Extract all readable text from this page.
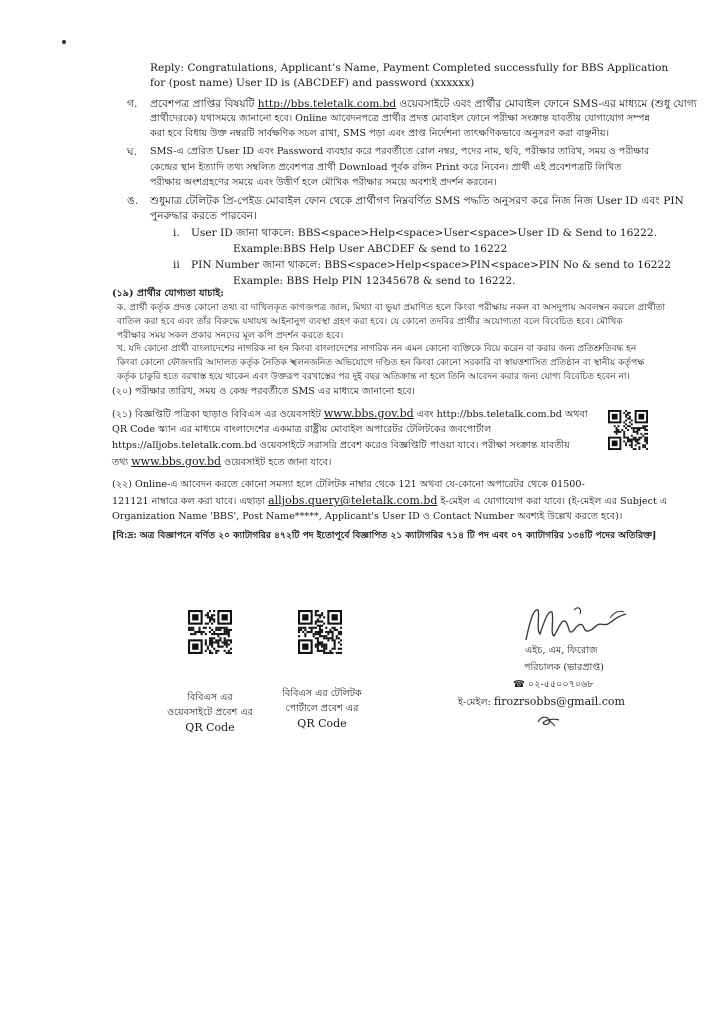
Reply: Congratulations, Applicant’s Name, Payment Completed successfully for BBS Application
for (post name) User ID is (ABCDEF) and password (xxxxxx)
গ. প্রবেশপত্র প্রাপ্তির বিষয়টি http://bbs.teletalk.com.bd ওয়েবসাইটে এবং প্রার্থীর মোবাইল ফোনে SMS-এর মাধ্যমে (শুধু যোগ্য
প্রার্থীদেরকে) যথাসময়ে জানানো হবে। Online আবেদনপত্রে প্রার্থীর প্রদত্ত মোবাইল ফোনে পরীক্ষা সংক্রান্ত যাবতীয় যোগাযোগ সম্পন্ন
করা হবে বিধায় উক্ত নম্বরটি সার্বক্ষণিক সচল রাখা, SMS পড়া এবং প্রাপ্ত নির্দেশনা তাৎক্ষণিকভাবে অনুসরণ করা বাঞ্ছনীয়।
ঘ. SMS-এ প্রেরিত User ID এবং Password ব্যবহার করে পরবর্তীতে রোল নম্বর, পদের নাম, ছবি, পরীক্ষার তারিখ, সময় ও পরীক্ষার
কেন্দ্রের স্থান ইত্যাদি তথ্য সম্বলিত প্রবেশপত্র প্রার্থী Download পূর্বক রঙ্গিন Print করে নিবেন। প্রার্থী এই প্রবেশপত্রটি লিখিত
পরীক্ষায় অংশগ্রহণের সময়ে এবং উত্তীর্ণ হলে মৌখিক পরীক্ষার সময়ে অবশ্যই প্রদর্শন করবেন।
ঙ. শুধুমাত্র টেলিটক প্রি-পেইড মোবাইল ফোন থেকে প্রার্থীগণ নিম্নবর্ণিত SMS পদ্ধতি অনুসরণ করে নিজ নিজ User ID এবং PIN
পুনরুদ্ধার করতে পারবেন।
i. User ID জানা থাকলে: BBS<space>Help<space>User<space>User ID & Send to 16222.
Example:BBS Help User ABCDEF & send to 16222
ii PIN Number জানা থাকলে: BBS<space>Help<space>PIN<space>PIN No & send to 16222
Example: BBS Help PIN 12345678 & send to 16222.
(১৯) প্রার্থীর যোগ্যতা যাচাই:
ক. প্রার্থী কর্তৃক প্রদত্ত কোনো তথ্য বা দাখিলকৃত কাগজপত্র জাল, মিথ্যা বা ভুয়া প্রমাণিত হলে কিংবা পরীক্ষায় নকল বা অসদুপায় অবলম্বন করলে প্রার্থীতা
বাতিল করা হবে এবং তাঁর বিরুদ্ধে যথাযথ আইনানুগ ব্যবস্থা গ্রহণ করা হবে। যে কোনো তদবির প্রার্থীর অযোগ্যতা বলে বিবেচিত হবে। মৌখিক
পরীক্ষার সময় সকল প্রকার সনদের মূল কপি প্রদর্শন করতে হবে।
খ. যদি কোনো প্রার্থী বাংলাদেশের নাগরিক না হন কিংবা বাংলাদেশের নাগরিক নন এমন কোনো ব্যক্তিকে বিয়ে করেন বা করার জন্য প্রতিশ্রুতিবদ্ধ হন
কিংবা কোনো ফৌজদারি আদালত কর্তৃক নৈতিক স্খলনজনিত অভিযোগে দণ্ডিত হন কিংবা কোনো সরকারি বা স্বায়ত্তশাসিত প্রতিষ্ঠান বা স্থানীয় কর্তৃপক্ষ
কর্তৃক চাকুরি হতে বরখাস্ত হয়ে থাকেন এবং উক্তরূপ বরখাস্তের পর দুই বছর অতিক্রান্ত না হলে তিনি আবেদন করার জন্য যোগ্য বিবেচিত হবেন না।
(২০) পরীক্ষার তারিখ, সময় ও কেন্দ্র পরবর্তীতে SMS এর মাধ্যমে জানানো হবে।
(২১) বিজ্ঞপ্তিটি পত্রিকা ছাড়াও বিবিএস এর ওয়েবসাইট www.bbs.gov.bd এবং http://bbs.teletalk.com.bd অথবা
QR Code স্ক্যান এর মাধ্যমে বাংলাদেশের একমাত্র রাষ্ট্রীয় মোবাইল অপারেটর টেলিটকের জবপোর্টাল
https://alljobs.teletalk.com.bd ওয়েবসাইটে সরাসরি প্রবেশ করেও বিজ্ঞপ্তিটি পাওয়া যাবে। পরীক্ষা সংক্রান্ত যাবতীয়
তথ্য www.bbs.gov.bd ওয়েবসাইট হতে জানা যাবে।
(২২) Online-এ আবেদন করতে কোনো সমস্যা হলে টেলিটক নাম্বার থেকে 121 অথবা যে-কোনো অপারেটর থেকে 01500-
121121 নাম্বারে কল করা যাবে। এছাড়া alljobs.query@teletalk.com.bd ই-মেইল এ যোগাযোগ করা যাবে। (ই-মেইল এর Subject এ
Organization Name 'BBS', Post Name*****, Applicant's User ID ও Contact Number অবশ্যই উল্লেখ করতে হবে)।
[বি:দ্র: অত্র বিজ্ঞাপনে বর্ণিত ২০ ক্যাটাগরির ৪৭২টি পদ ইতোপূর্বে বিজ্ঞাপিত ২১ ক্যাটাগরির ৭১৪ টি পদ এবং ০৭ ক্যাটাগরির ১৩৪টি পদের অতিরিক্ত]
বিবিএস এর
ওয়েবসাইটে প্রবেশ এর
QR Code
বিবিএস এর টেলিটক
পোর্টালে প্রবেশ এর
QR Code
এইচ, এম, ফিরোজ
পরিচালক (ভারপ্রাপ্ত)
☎ ০২-৫৫০০৭০৬৮
ই-মেইল: firozrsobbs@gmail.com
